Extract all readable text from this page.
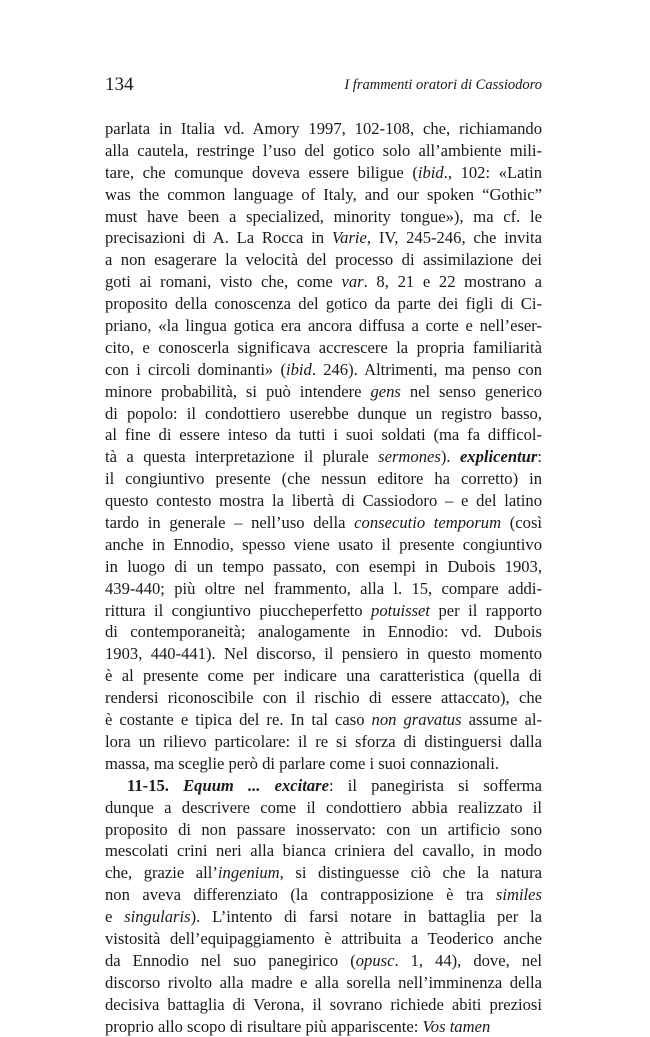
134	I frammenti oratori di Cassiodoro
parlata in Italia vd. Amory 1997, 102-108, che, richiamando
alla cautela, restringe l’uso del gotico solo all’ambiente mili-
tare, che comunque doveva essere biligue (ibid., 102: «Latin
was the common language of Italy, and our spoken “Gothic”
must have been a specialized, minority tongue»), ma cf. le
precisazioni di A. La Rocca in Varie, IV, 245-246, che invita
a non esagerare la velocità del processo di assimilazione dei
goti ai romani, visto che, come var. 8, 21 e 22 mostrano a
proposito della conoscenza del gotico da parte dei figli di Ci-
priano, «la lingua gotica era ancora diffusa a corte e nell’eser-
cito, e conoscerla significava accrescere la propria familiarità
con i circoli dominanti» (ibid. 246). Altrimenti, ma penso con
minore probabilità, si può intendere gens nel senso generico
di popolo: il condottiero userebbe dunque un registro basso,
al fine di essere inteso da tutti i suoi soldati (ma fa difficol-
tà a questa interpretazione il plurale sermones). explicentur:
il congiuntivo presente (che nessun editore ha corretto) in
questo contesto mostra la libertà di Cassiodoro – e del latino
tardo in generale – nell’uso della consecutio temporum (così
anche in Ennodio, spesso viene usato il presente congiuntivo
in luogo di un tempo passato, con esempi in Dubois 1903,
439-440; più oltre nel frammento, alla l. 15, compare addi-
rittura il congiuntivo piuccheperfetto potuisset per il rapporto
di contemporaneità; analogamente in Ennodio: vd. Dubois
1903, 440-441). Nel discorso, il pensiero in questo momento
è al presente come per indicare una caratteristica (quella di
rendersi riconoscibile con il rischio di essere attaccato), che
è costante e tipica del re. In tal caso non gravatus assume al-
lora un rilievo particolare: il re si sforza di distinguersi dalla
massa, ma sceglie però di parlare come i suoi connazionali.
11-15. Equum ... excitare: il panegirista si sofferma
dunque a descrivere come il condottiero abbia realizzato il
proposito di non passare inosservato: con un artificio sono
mescolati crini neri alla bianca criniera del cavallo, in modo
che, grazie all’ingenium, si distinguesse ciò che la natura
non aveva differenziato (la contrapposizione è tra similes
e singularis). L’intento di farsi notare in battaglia per la
vistosità dell’equipaggiamento è attribuita a Teoderico anche
da Ennodio nel suo panegirico (opusc. 1, 44), dove, nel
discorso rivolto alla madre e alla sorella nell’imminenza della
decisiva battaglia di Verona, il sovrano richiede abiti preziosi
proprio allo scopo di risultare più appariscente: Vos tamen
